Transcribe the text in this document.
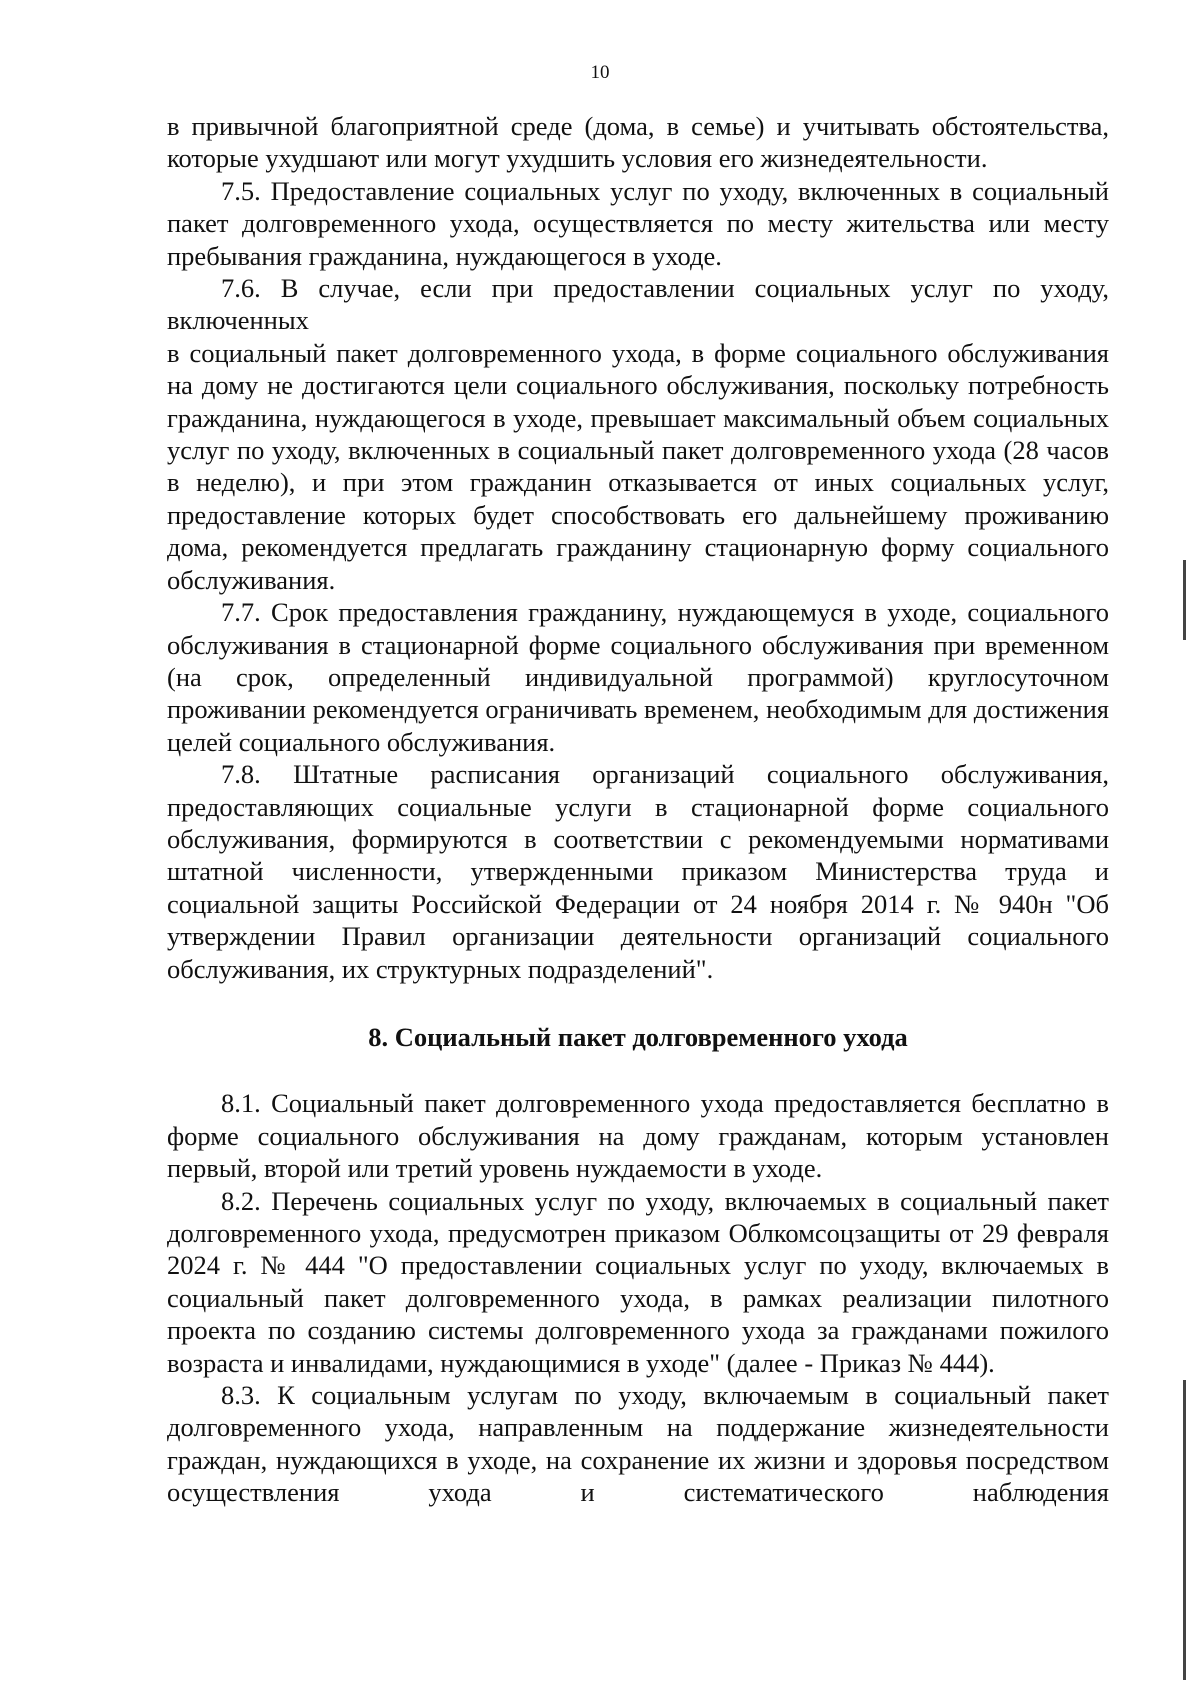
10

в привычной благоприятной среде (дома, в семье) и учитывать обстоятельства, которые ухудшают или могут ухудшить условия его жизнедеятельности.

7.5. Предоставление социальных услуг по уходу, включенных в социальный пакет долговременного ухода, осуществляется по месту жительства или месту пребывания гражданина, нуждающегося в уходе.

7.6. В случае, если при предоставлении социальных услуг по уходу, включенных

в социальный пакет долговременного ухода, в форме социального обслуживания на дому не достигаются цели социального обслуживания, поскольку потребность гражданина, нуждающегося в уходе, превышает максимальный объем социальных услуг по уходу, включенных в социальный пакет долговременного ухода (28 часов в неделю), и при этом гражданин отказывается от иных социальных услуг, предоставление которых будет способствовать его дальнейшему проживанию дома, рекомендуется предлагать гражданину стационарную форму социального обслуживания.

7.7. Срок предоставления гражданину, нуждающемуся в уходе, социального обслуживания в стационарной форме социального обслуживания при временном (на срок, определенный индивидуальной программой) круглосуточном проживании рекомендуется ограничивать временем, необходимым для достижения целей социального обслуживания.

7.8. Штатные расписания организаций социального обслуживания, предоставляющих социальные услуги в стационарной форме социального обслуживания, формируются в соответствии с рекомендуемыми нормативами штатной численности, утвержденными приказом Министерства труда и социальной защиты Российской Федерации от 24 ноября 2014 г. № 940н "Об утверждении Правил организации деятельности организаций социального обслуживания, их структурных подразделений".

8. Социальный пакет долговременного ухода

8.1. Социальный пакет долговременного ухода предоставляется бесплатно в форме социального обслуживания на дому гражданам, которым установлен первый, второй или третий уровень нуждаемости в уходе.

8.2. Перечень социальных услуг по уходу, включаемых в социальный пакет долговременного ухода, предусмотрен приказом Облкомсоцзащиты от 29 февраля 2024 г. № 444 "О предоставлении социальных услуг по уходу, включаемых в социальный пакет долговременного ухода, в рамках реализации пилотного проекта по созданию системы долговременного ухода за гражданами пожилого возраста и инвалидами, нуждающимися в уходе" (далее - Приказ № 444).

8.3. К социальным услугам по уходу, включаемым в социальный пакет долговременного ухода, направленным на поддержание жизнедеятельности граждан, нуждающихся в уходе, на сохранение их жизни и здоровья посредством осуществления ухода и систематического наблюдения
